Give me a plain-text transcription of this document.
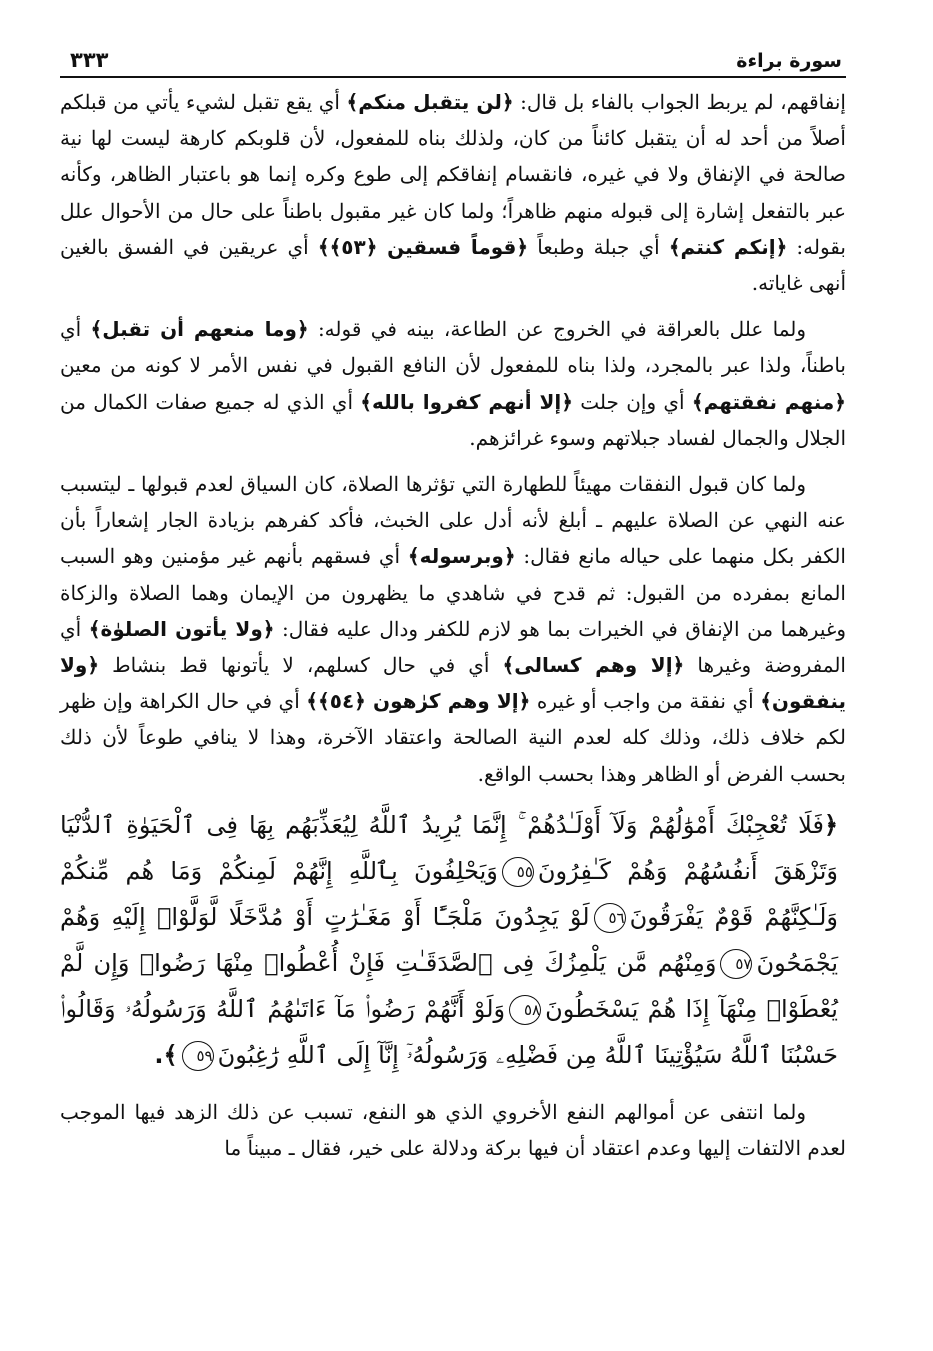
سورة براءة
٣٣٣

إنفاقهم، لم يربط الجواب بالفاء بل قال: ﴿لن يتقبل منكم﴾ أي يقع تقبل لشيء يأتي من قبلكم أصلاً من أحد له أن يتقبل كائناً من كان، ولذلك بناه للمفعول، لأن قلوبكم كارهة ليست لها نية صالحة في الإنفاق ولا في غيره، فانقسام إنفاقكم إلى طوع وكره إنما هو باعتبار الظاهر، وكأنه عبر بالتفعل إشارة إلى قبوله منهم ظاهراً؛ ولما كان غير مقبول باطناً على حال من الأحوال علل بقوله: ﴿إنكم كنتم﴾ أي جبلة وطبعاً ﴿قوماً فسقين ﴿٥٣﴾﴾ أي عريقين في الفسق بالغين أنهى غاياته.

ولما علل بالعراقة في الخروج عن الطاعة، بينه في قوله: ﴿وما منعهم أن تقبل﴾ أي باطناً، ولذا عبر بالمجرد، ولذا بناه للمفعول لأن النافع القبول في نفس الأمر لا كونه من معين ﴿منهم نفقتهم﴾ أي وإن جلت ﴿إلا أنهم كفروا بالله﴾ أي الذي له جميع صفات الكمال من الجلال والجمال لفساد جبلاتهم وسوء غرائزهم.

ولما كان قبول النفقات مهيئاً للطهارة التي تؤثرها الصلاة، كان السياق لعدم قبولها ـ ليتسبب عنه النهي عن الصلاة عليهم ـ أبلغ لأنه أدل على الخبث، فأكد كفرهم بزيادة الجار إشعاراً بأن الكفر بكل منهما على حياله مانع فقال: ﴿وبرسوله﴾ أي فسقهم بأنهم غير مؤمنين وهو السبب المانع بمفرده من القبول: ثم قدح في شاهدي ما يظهرون من الإيمان وهما الصلاة والزكاة وغيرهما من الإنفاق في الخيرات بما هو لازم للكفر ودال عليه فقال: ﴿ولا يأتون الصلوٰة﴾ أي المفروضة وغيرها ﴿إلا وهم كسالى﴾ أي في حال كسلهم، لا يأتونها قط بنشاط ﴿ولا ينفقون﴾ أي نفقة من واجب أو غيره ﴿إلا وهم كرٰهون ﴿٥٤﴾﴾ أي في حال الكراهة وإن ظهر لكم خلاف ذلك، وذلك كله لعدم النية الصالحة واعتقاد الآخرة، وهذا لا ينافي طوعاً لأن ذلك بحسب الفرض أو الظاهر وهذا بحسب الواقع.

﴿فَلَا تُعْجِبْكَ أَمْوَٰلُهُمْ وَلَآ أَوْلَـٰدُهُمْ ۚ إِنَّمَا يُرِيدُ ٱللَّهُ لِيُعَذِّبَهُم بِهَا فِى ٱلْحَيَوٰةِ ٱلدُّنْيَا وَتَزْهَقَ أَنفُسُهُمْ وَهُمْ كَـٰفِرُونَ٥٥وَيَحْلِفُونَ بِٱللَّهِ إِنَّهُمْ لَمِنكُمْ وَمَا هُم مِّنكُمْ وَلَـٰكِنَّهُمْ قَوْمٌ يَفْرَقُونَ٥٦لَوْ يَجِدُونَ مَلْجَـًٔا أَوْ مَغَـٰرَٰتٍ أَوْ مُدَّخَلًا لَّوَلَّوْا۟ إِلَيْهِ وَهُمْ يَجْمَحُونَ٥٧وَمِنْهُم مَّن يَلْمِزُكَ فِى ٱلصَّدَقَـٰتِ فَإِنْ أُعْطُوا۟ مِنْهَا رَضُوا۟ وَإِن لَّمْ يُعْطَوْا۟ مِنْهَآ إِذَا هُمْ يَسْخَطُونَ٥٨وَلَوْ أَنَّهُمْ رَضُوا۟ مَآ ءَاتَىٰهُمُ ٱللَّهُ وَرَسُولُهُۥ وَقَالُوا۟ حَسْبُنَا ٱللَّهُ سَيُؤْتِينَا ٱللَّهُ مِن فَضْلِهِۦ وَرَسُولُهُۥٓ إِنَّآ إِلَى ٱللَّهِ رَٰغِبُونَ٥٩﴾.

ولما انتفى عن أموالهم النفع الأخروي الذي هو النفع، تسبب عن ذلك الزهد فيها الموجب لعدم الالتفات إليها وعدم اعتقاد أن فيها بركة ودلالة على خير، فقال ـ مبيناً ما
